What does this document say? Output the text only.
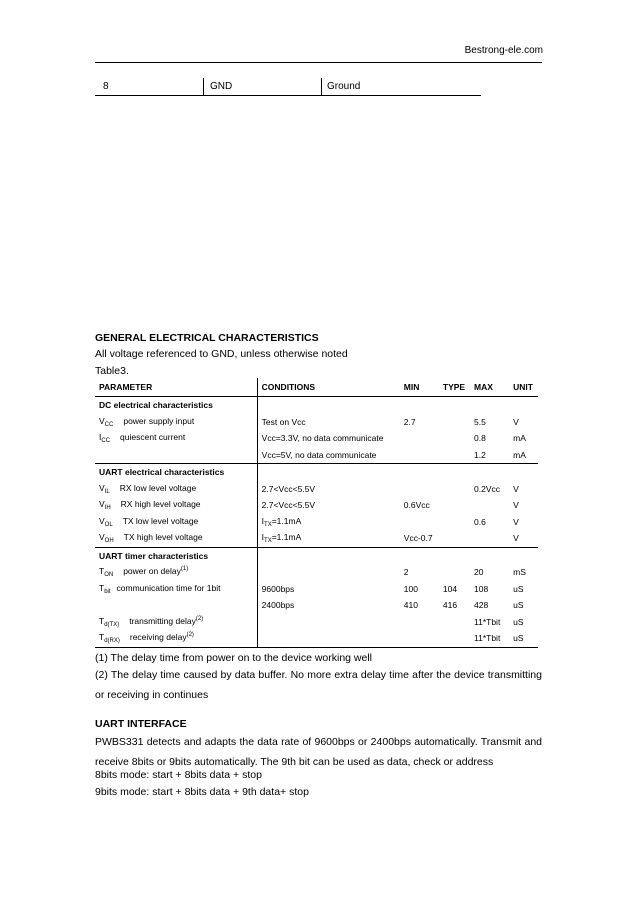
Bestrong-ele.com
8	GND	Ground
GENERAL ELECTRICAL CHARACTERISTICS
All voltage referenced to GND, unless otherwise noted
Table3.
PARAMETER	CONDITIONS	MIN	TYPE	MAX	UNIT
DC electrical characteristics					
$V_{CC}$ power supply input	Test on Vcc	2.7		5.5	V
$I_{CC}$ quiescent current	Vcc=3.3V, no data communicate			0.8	mA
	Vcc=5V, no data communicate			1.2	mA
UART electrical characteristics					
$V_{IL}$ RX low level voltage	2.7<Vcc<5.5V			0.2Vcc	V
$V_{IH}$ RX high level voltage	2.7<Vcc<5.5V	0.6Vcc			V
$V_{OL}$ TX low level voltage	$I_{TX}=1.1mA$			0.6	V
$V_{OH}$ TX high level voltage	$I_{TX}=1.1mA$	Vcc-0.7			V
UART timer characteristics					
$T_{ON}$ power on delay$^{(1)}$		2		20	mS
$T_{bit}$ communication time for 1bit	9600bps	100	104	108	uS
	2400bps	410	416	428	uS
$T_{d(TX)}$ transmitting delay$^{(2)}$				11*Tbit	uS
$T_{d(RX)}$ receiving delay$^{(2)}$				11*Tbit	uS
(1) The delay time from power on to the device working well
(2) The delay time caused by data buffer. No more extra delay time after the device transmitting or receiving in continues
UART INTERFACE
PWBS331 detects and adapts the data rate of 9600bps or 2400bps automatically. Transmit and receive 8bits or 9bits automatically. The 9th bit can be used as data, check or address
8bits mode: start + 8bits data + stop
9bits mode: start + 8bits data + 9th data+ stop
